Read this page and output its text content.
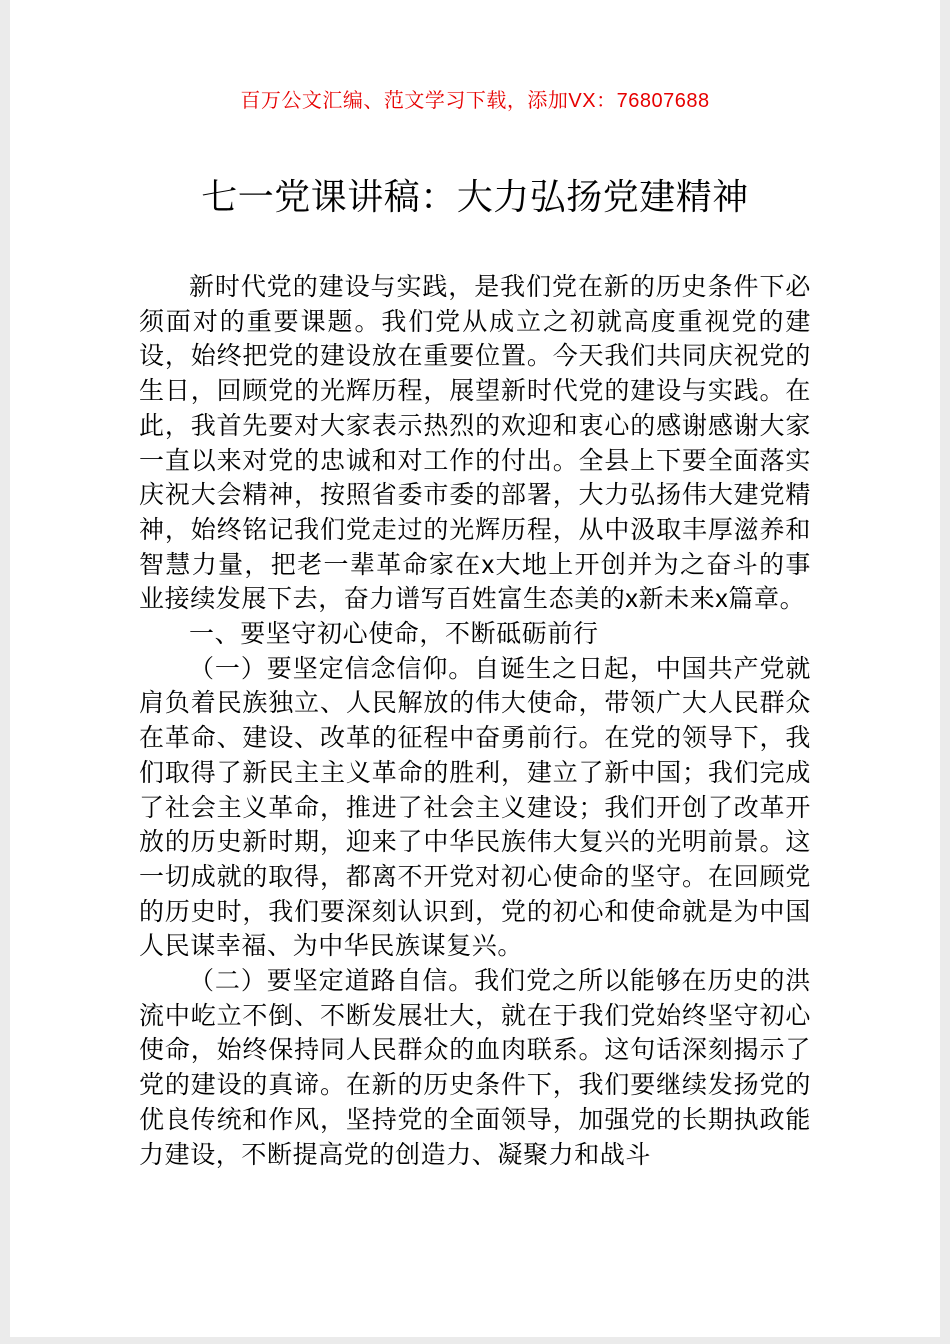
百万公文汇编、范文学习下载，添加VX：76807688
七一党课讲稿：大力弘扬党建精神

新时代党的建设与实践，是我们党在新的历史条件下必须面对的重要课题。我们党从成立之初就高度重视党的建设，始终把党的建设放在重要位置。今天我们共同庆祝党的生日，回顾党的光辉历程，展望新时代党的建设与实践。在此，我首先要对大家表示热烈的欢迎和衷心的感谢感谢大家一直以来对党的忠诚和对工作的付出。全县上下要全面落实庆祝大会精神，按照省委市委的部署，大力弘扬伟大建党精神，始终铭记我们党走过的光辉历程，从中汲取丰厚滋养和智慧力量，把老一辈革命家在x大地上开创并为之奋斗的事业接续发展下去，奋力谱写百姓富生态美的x新未来x篇章。

一、要坚守初心使命，不断砥砺前行

（一）要坚定信念信仰。自诞生之日起，中国共产党就肩负着民族独立、人民解放的伟大使命，带领广大人民群众在革命、建设、改革的征程中奋勇前行。在党的领导下，我们取得了新民主主义革命的胜利，建立了新中国；我们完成了社会主义革命，推进了社会主义建设；我们开创了改革开放的历史新时期，迎来了中华民族伟大复兴的光明前景。这一切成就的取得，都离不开党对初心使命的坚守。在回顾党的历史时，我们要深刻认识到，党的初心和使命就是为中国人民谋幸福、为中华民族谋复兴。

（二）要坚定道路自信。我们党之所以能够在历史的洪流中屹立不倒、不断发展壮大，就在于我们党始终坚守初心使命，始终保持同人民群众的血肉联系。这句话深刻揭示了党的建设的真谛。在新的历史条件下，我们要继续发扬党的优良传统和作风，坚持党的全面领导，加强党的长期执政能力建设，不断提高党的创造力、凝聚力和战斗
